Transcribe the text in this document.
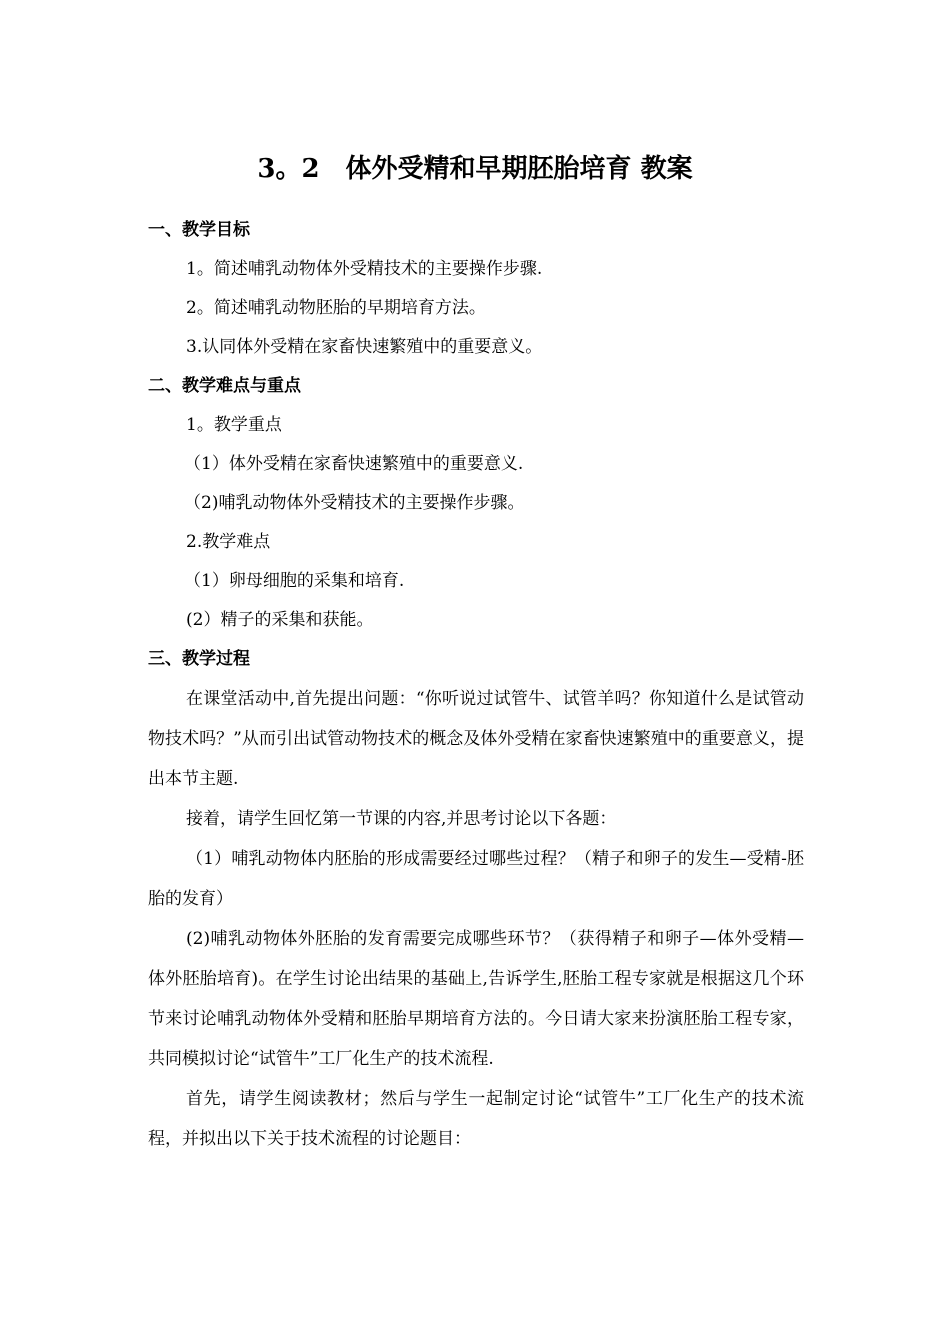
3。2　体外受精和早期胚胎培育 教案
一、教学目标
1。简述哺乳动物体外受精技术的主要操作步骤.
2。简述哺乳动物胚胎的早期培育方法。
3.认同体外受精在家畜快速繁殖中的重要意义。
二、教学难点与重点
1。教学重点
（1）体外受精在家畜快速繁殖中的重要意义.
（2)哺乳动物体外受精技术的主要操作步骤。
2.教学难点
（1）卵母细胞的采集和培育.
(2）精子的采集和获能。
三、教学过程

在课堂活动中,首先提出问题：“你听说过试管牛、试管羊吗？你知道什么是试管动物技术吗？”从而引出试管动物技术的概念及体外受精在家畜快速繁殖中的重要意义，提出本节主题.

接着，请学生回忆第一节课的内容,并思考讨论以下各题：

（1）哺乳动物体内胚胎的形成需要经过哪些过程？（精子和卵子的发生—受精-胚胎的发育）

(2)哺乳动物体外胚胎的发育需要完成哪些环节？（获得精子和卵子—体外受精—体外胚胎培育)。在学生讨论出结果的基础上,告诉学生,胚胎工程专家就是根据这几个环节来讨论哺乳动物体外受精和胚胎早期培育方法的。今日请大家来扮演胚胎工程专家，共同模拟讨论“试管牛”工厂化生产的技术流程.

首先，请学生阅读教材；然后与学生一起制定讨论“试管牛”工厂化生产的技术流程，并拟出以下关于技术流程的讨论题目：
